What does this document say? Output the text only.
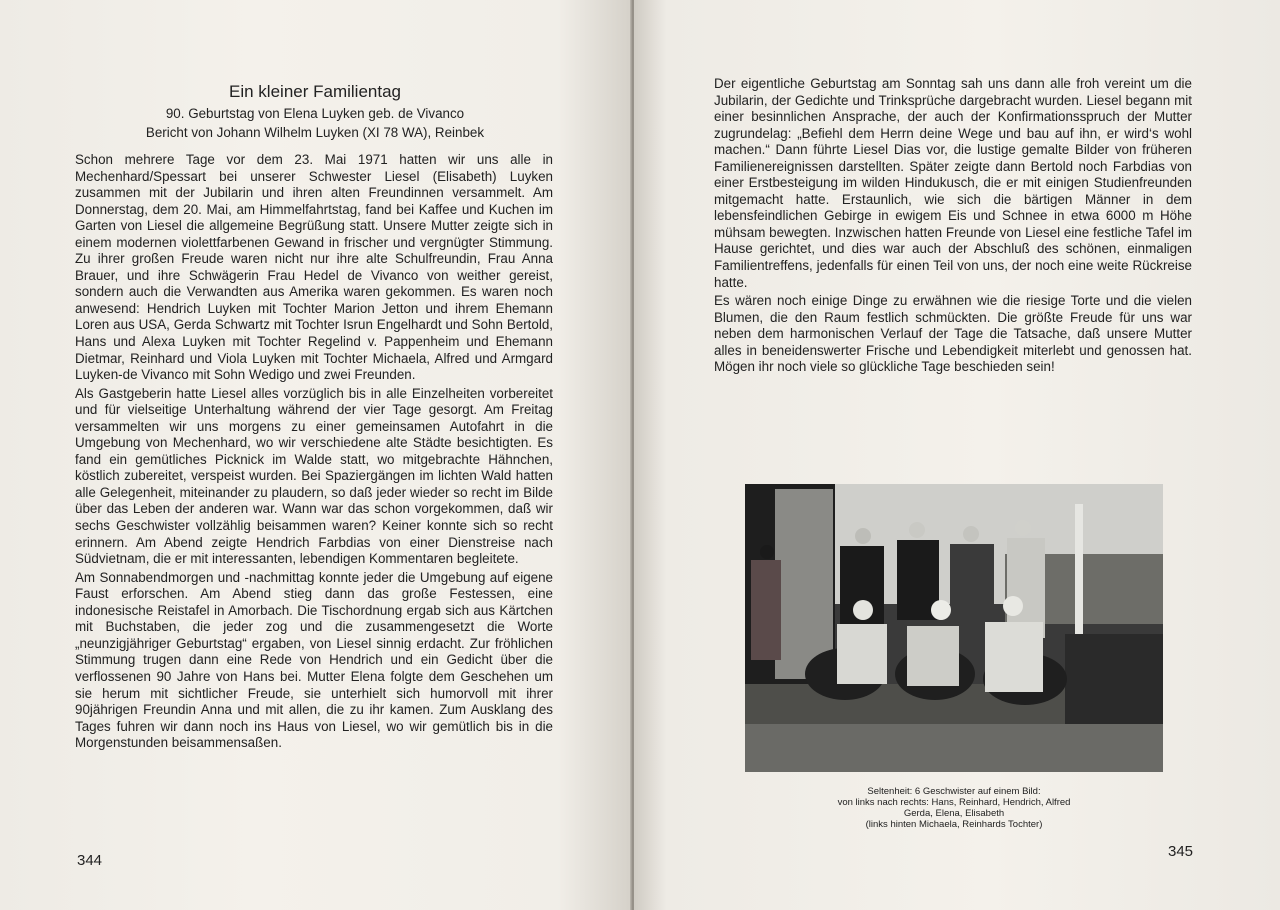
Ein kleiner Familientag
90. Geburtstag von Elena Luyken geb. de Vivanco
Bericht von Johann Wilhelm Luyken (XI 78 WA), Reinbek

Schon mehrere Tage vor dem 23. Mai 1971 hatten wir uns alle in Mechenhard/Spessart bei unserer Schwester Liesel (Elisabeth) Luyken zusammen mit der Jubilarin und ihren alten Freundinnen versammelt. Am Donnerstag, dem 20. Mai, am Himmelfahrtstag, fand bei Kaffee und Kuchen im Garten von Liesel die allgemeine Begrüßung statt. Unsere Mutter zeigte sich in einem modernen violettfarbenen Gewand in frischer und vergnügter Stimmung. Zu ihrer großen Freude waren nicht nur ihre alte Schulfreundin, Frau Anna Brauer, und ihre Schwägerin Frau Hedel de Vivanco von weither gereist, sondern auch die Verwandten aus Amerika waren gekommen. Es waren noch anwesend: Hendrich Luyken mit Tochter Marion Jetton und ihrem Ehemann Loren aus USA, Gerda Schwartz mit Tochter Isrun Engelhardt und Sohn Bertold, Hans und Alexa Luyken mit Tochter Regelind v. Pappenheim und Ehemann Dietmar, Reinhard und Viola Luyken mit Tochter Michaela, Alfred und Armgard Luyken-de Vivanco mit Sohn Wedigo und zwei Freunden.

Als Gastgeberin hatte Liesel alles vorzüglich bis in alle Einzelheiten vorbereitet und für vielseitige Unterhaltung während der vier Tage gesorgt. Am Freitag versammelten wir uns morgens zu einer gemeinsamen Autofahrt in die Umgebung von Mechenhard, wo wir verschiedene alte Städte besichtigten. Es fand ein gemütliches Picknick im Walde statt, wo mitgebrachte Hähnchen, köstlich zubereitet, verspeist wurden. Bei Spaziergängen im lichten Wald hatten alle Gelegenheit, miteinander zu plaudern, so daß jeder wieder so recht im Bilde über das Leben der anderen war. Wann war das schon vorgekommen, daß wir sechs Geschwister vollzählig beisammen waren? Keiner konnte sich so recht erinnern. Am Abend zeigte Hendrich Farbdias von einer Dienstreise nach Südvietnam, die er mit interessanten, lebendigen Kommentaren begleitete.

Am Sonnabendmorgen und -nachmittag konnte jeder die Umgebung auf eigene Faust erforschen. Am Abend stieg dann das große Festessen, eine indonesische Reistafel in Amorbach. Die Tischordnung ergab sich aus Kärtchen mit Buchstaben, die jeder zog und die zusammengesetzt die Worte „neunzigjähriger Geburtstag“ ergaben, von Liesel sinnig erdacht. Zur fröhlichen Stimmung trugen dann eine Rede von Hendrich und ein Gedicht über die verflossenen 90 Jahre von Hans bei. Mutter Elena folgte dem Geschehen um sie herum mit sichtlicher Freude, sie unterhielt sich humorvoll mit ihrer 90jährigen Freundin Anna und mit allen, die zu ihr kamen. Zum Ausklang des Tages fuhren wir dann noch ins Haus von Liesel, wo wir gemütlich bis in die Morgenstunden beisammensaßen.

344
345

Der eigentliche Geburtstag am Sonntag sah uns dann alle froh vereint um die Jubilarin, der Gedichte und Trinksprüche dargebracht wurden. Liesel begann mit einer besinnlichen Ansprache, der auch der Konfirmationsspruch der Mutter zugrundelag: „Befiehl dem Herrn deine Wege und bau auf ihn, er wird‘s wohl machen.“ Dann führte Liesel Dias vor, die lustige gemalte Bilder von früheren Familienereignissen darstellten. Später zeigte dann Bertold noch Farbdias von einer Erstbesteigung im wilden Hindukusch, die er mit einigen Studienfreunden mitgemacht hatte. Erstaunlich, wie sich die bärtigen Männer in dem lebensfeindlichen Gebirge in ewigem Eis und Schnee in etwa 6000 m Höhe mühsam bewegten. Inzwischen hatten Freunde von Liesel eine festliche Tafel im Hause gerichtet, und dies war auch der Abschluß des schönen, einmaligen Familientreffens, jedenfalls für einen Teil von uns, der noch eine weite Rückreise hatte.

Es wären noch einige Dinge zu erwähnen wie die riesige Torte und die vielen Blumen, die den Raum festlich schmückten. Die größte Freude für uns war neben dem harmonischen Verlauf der Tage die Tatsache, daß unsere Mutter alles in beneidenswerter Frische und Lebendigkeit miterlebt und genossen hat. Mögen ihr noch viele so glückliche Tage beschieden sein!

Seltenheit: 6 Geschwister auf einem Bild:
von links nach rechts: Hans, Reinhard, Hendrich, Alfred
Gerda, Elena, Elisabeth
(links hinten Michaela, Reinhards Tochter)
